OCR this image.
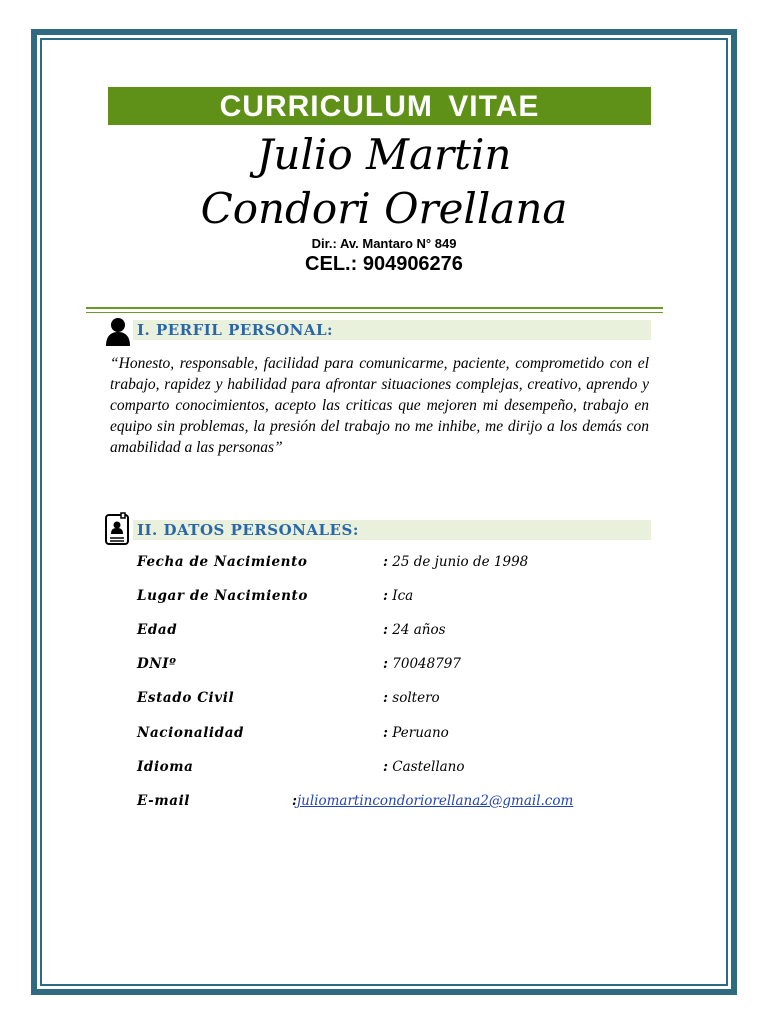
CURRICULUM VITAE
Julio Martin
Condori Orellana
Dir.: Av. Mantaro N° 849
CEL.: 904906276
I. PERFIL PERSONAL:
“Honesto, responsable, facilidad para comunicarme, paciente, comprometido con el trabajo, rapidez y habilidad para afrontar situaciones complejas, creativo, aprendo y comparto conocimientos, acepto las criticas que mejoren mi desempeño, trabajo en equipo sin problemas, la presión del trabajo no me inhibe, me dirijo a los demás con amabilidad a las personas”
II. DATOS PERSONALES:
Fecha de Nacimiento	: 25 de junio de 1998
Lugar de Nacimiento	: Ica
Edad	: 24 años
DNIº	: 70048797
Estado Civil	: soltero
Nacionalidad	: Peruano
Idioma	: Castellano
E-mail	:juliomartincondoriorellana2@gmail.com
